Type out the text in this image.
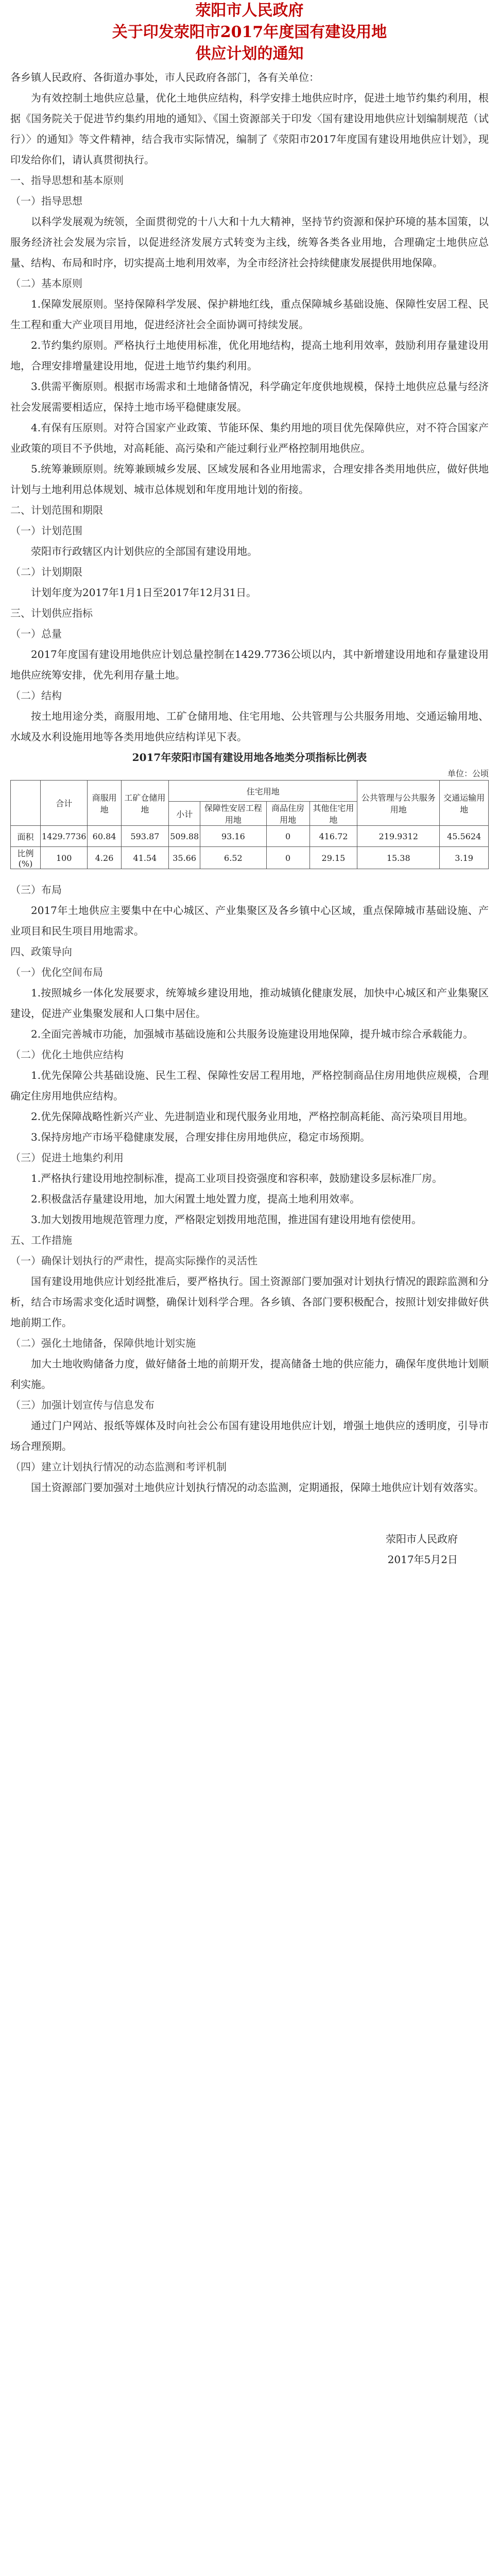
荥阳市人民政府
关于印发荥阳市2017年度国有建设用地
供应计划的通知

各乡镇人民政府、各街道办事处，市人民政府各部门，各有关单位：

为有效控制土地供应总量，优化土地供应结构，科学安排土地供应时序，促进土地节约集约利用，根据《国务院关于促进节约集约用地的通知》、《国土资源部关于印发〈国有建设用地供应计划编制规范（试行）〉的通知》等文件精神，结合我市实际情况，编制了《荥阳市2017年度国有建设用地供应计划》，现印发给你们，请认真贯彻执行。

一、指导思想和基本原则

（一）指导思想

以科学发展观为统领，全面贯彻党的十八大和十九大精神，坚持节约资源和保护环境的基本国策，以服务经济社会发展为宗旨，以促进经济发展方式转变为主线，统筹各类各业用地，合理确定土地供应总量、结构、布局和时序，切实提高土地利用效率，为全市经济社会持续健康发展提供用地保障。

（二）基本原则

1.保障发展原则。坚持保障科学发展、保护耕地红线，重点保障城乡基础设施、保障性安居工程、民生工程和重大产业项目用地，促进经济社会全面协调可持续发展。

2.节约集约原则。严格执行土地使用标准，优化用地结构，提高土地利用效率，鼓励利用存量建设用地，合理安排增量建设用地，促进土地节约集约利用。

3.供需平衡原则。根据市场需求和土地储备情况，科学确定年度供地规模，保持土地供应总量与经济社会发展需要相适应，保持土地市场平稳健康发展。

4.有保有压原则。对符合国家产业政策、节能环保、集约用地的项目优先保障供应，对不符合国家产业政策的项目不予供地，对高耗能、高污染和产能过剩行业严格控制用地供应。

5.统筹兼顾原则。统筹兼顾城乡发展、区域发展和各业用地需求，合理安排各类用地供应，做好供地计划与土地利用总体规划、城市总体规划和年度用地计划的衔接。

二、计划范围和期限

（一）计划范围

荥阳市行政辖区内计划供应的全部国有建设用地。

（二）计划期限

计划年度为2017年1月1日至2017年12月31日。

三、计划供应指标

（一）总量

2017年度国有建设用地供应计划总量控制在1429.7736公顷以内，其中新增建设用地和存量建设用地供应统筹安排，优先利用存量土地。

（二）结构

按土地用途分类，商服用地、工矿仓储用地、住宅用地、公共管理与公共服务用地、交通运输用地、水域及水利设施用地等各类用地供应结构详见下表。

2017年荥阳市国有建设用地各地类分项指标比例表
单位：公顷
	合计	商服用地	工矿仓储用地	住宅用地				公共管理与公共服务用地	交通运输用地
				小计	保障性安居工程用地	商品住房用地	其他住宅用地		
面积	1429.7736	60.84	593.87	509.88	93.16	0	416.72	219.9312	45.5624
比例(%)	100	4.26	41.54	35.66	6.52	0	29.15	15.38	3.19

（三）布局

2017年土地供应主要集中在中心城区、产业集聚区及各乡镇中心区域，重点保障城市基础设施、产业项目和民生项目用地需求。

四、政策导向

（一）优化空间布局

1.按照城乡一体化发展要求，统筹城乡建设用地，推动城镇化健康发展，加快中心城区和产业集聚区建设，促进产业集聚发展和人口集中居住。

2.全面完善城市功能，加强城市基础设施和公共服务设施建设用地保障，提升城市综合承载能力。

（二）优化土地供应结构

1.优先保障公共基础设施、民生工程、保障性安居工程用地，严格控制商品住房用地供应规模，合理确定住房用地供应结构。

2.优先保障战略性新兴产业、先进制造业和现代服务业用地，严格控制高耗能、高污染项目用地。

3.保持房地产市场平稳健康发展，合理安排住房用地供应，稳定市场预期。

（三）促进土地集约利用

1.严格执行建设用地控制标准，提高工业项目投资强度和容积率，鼓励建设多层标准厂房。

2.积极盘活存量建设用地，加大闲置土地处置力度，提高土地利用效率。

3.加大划拨用地规范管理力度，严格限定划拨用地范围，推进国有建设用地有偿使用。

五、工作措施

（一）确保计划执行的严肃性，提高实际操作的灵活性

国有建设用地供应计划经批准后，要严格执行。国土资源部门要加强对计划执行情况的跟踪监测和分析，结合市场需求变化适时调整，确保计划科学合理。各乡镇、各部门要积极配合，按照计划安排做好供地前期工作。

（二）强化土地储备，保障供地计划实施

加大土地收购储备力度，做好储备土地的前期开发，提高储备土地的供应能力，确保年度供地计划顺利实施。

（三）加强计划宣传与信息发布

通过门户网站、报纸等媒体及时向社会公布国有建设用地供应计划，增强土地供应的透明度，引导市场合理预期。

（四）建立计划执行情况的动态监测和考评机制

国土资源部门要加强对土地供应计划执行情况的动态监测，定期通报，保障土地供应计划有效落实。

荥阳市人民政府
2017年5月2日
